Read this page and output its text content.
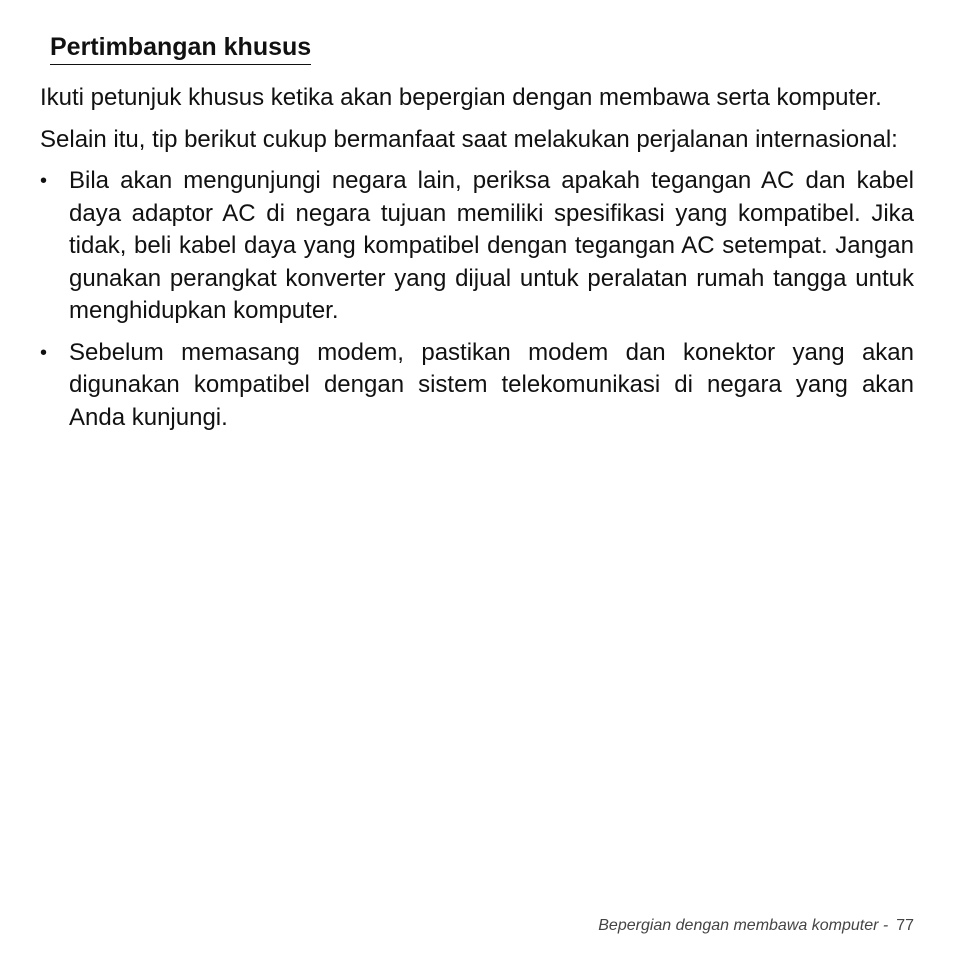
Pertimbangan khusus

Ikuti petunjuk khusus ketika akan bepergian dengan membawa serta komputer.

Selain itu, tip berikut cukup bermanfaat saat melakukan perjalanan internasional:

• Bila akan mengunjungi negara lain, periksa apakah tegangan AC dan kabel daya adaptor AC di negara tujuan memiliki spesifikasi yang kompatibel. Jika tidak, beli kabel daya yang kompatibel dengan tegangan AC setempat. Jangan gunakan perangkat konverter yang dijual untuk peralatan rumah tangga untuk menghidupkan komputer.
• Sebelum memasang modem, pastikan modem dan konektor yang akan digunakan kompatibel dengan sistem telekomunikasi di negara yang akan Anda kunjungi.
Bepergian dengan membawa komputer - 77
